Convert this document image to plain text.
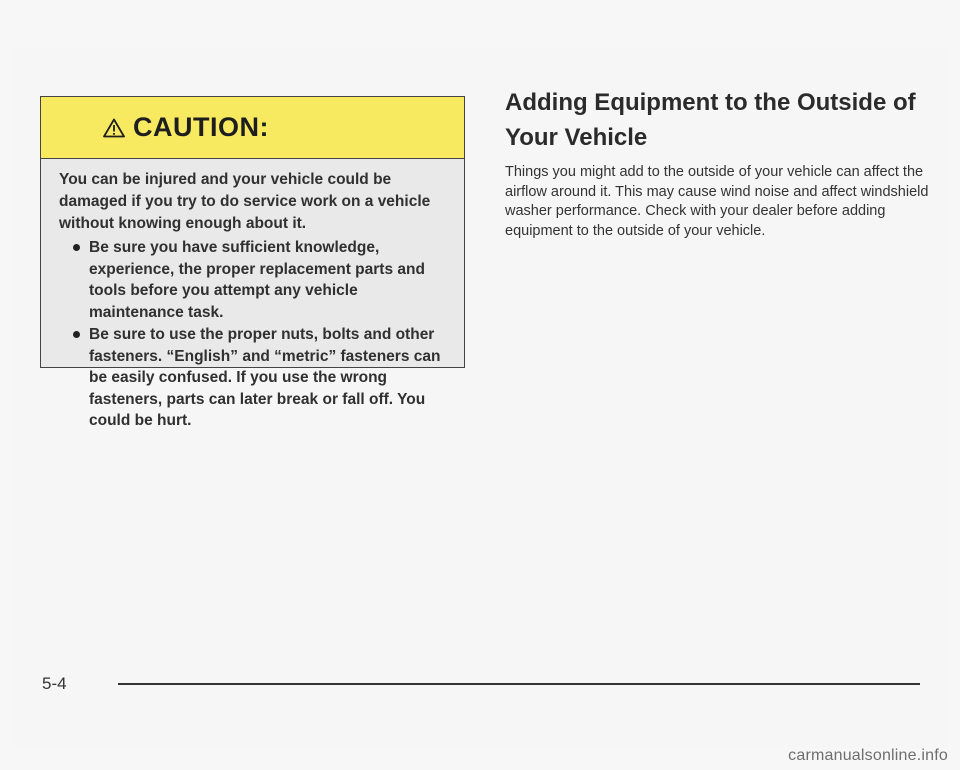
CAUTION:

You can be injured and your vehicle could be damaged if you try to do service work on a vehicle without knowing enough about it.

Be sure you have sufficient knowledge, experience, the proper replacement parts and tools before you attempt any vehicle maintenance task.
Be sure to use the proper nuts, bolts and other fasteners. “English” and “metric” fasteners can be easily confused. If you use the wrong fasteners, parts can later break or fall off. You could be hurt.
Adding Equipment to the Outside of Your Vehicle

Things you might add to the outside of your vehicle can affect the airflow around it. This may cause wind noise and affect windshield washer performance. Check with your dealer before adding equipment to the outside of your vehicle.

5-4
carmanualsonline.info
